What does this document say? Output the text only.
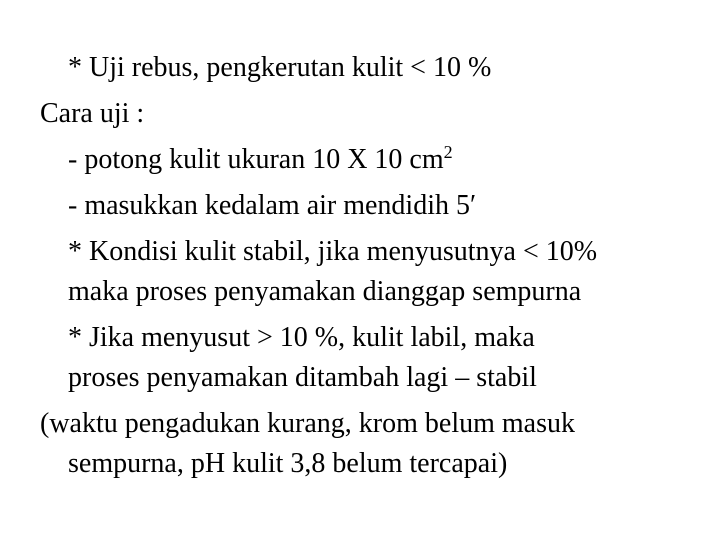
* Uji rebus, pengkerutan kulit < 10 %
Cara uji :
- potong kulit ukuran 10 X 10 $cm^2$
- masukkan kedalam air mendidih 5′
* Kondisi kulit stabil, jika menyusutnya < 10%
maka proses penyamakan dianggap sempurna
* Jika menyusut > 10 %, kulit labil, maka
proses penyamakan ditambah lagi – stabil
(waktu pengadukan kurang, krom belum masuk
sempurna, pH kulit 3,8 belum tercapai)
